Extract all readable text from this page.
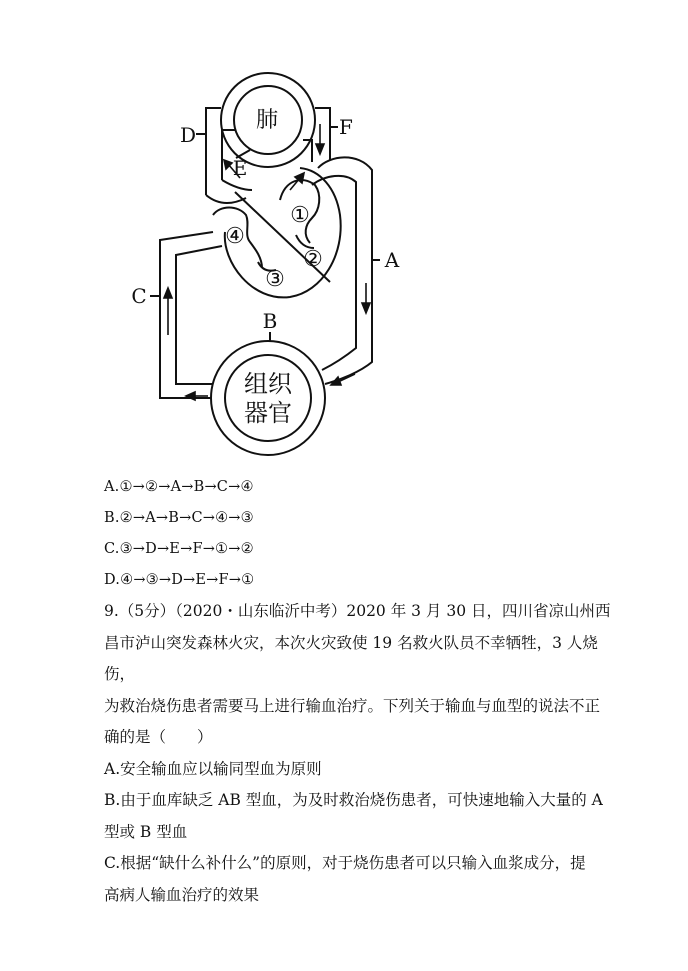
肺
D
E
F
A
B
C
①
②
③
④
组织
器官
A.①→②→A→B→C→④
B.②→A→B→C→④→③
C.③→D→E→F→①→②
D.④→③→D→E→F→①

9.（5分）（2020・山东临沂中考）2020 年 3 月 30 日，四川省凉山州西

昌市泸山突发森林火灾，本次火灾致使 19 名救火队员不幸牺牲，3 人烧伤，

为救治烧伤患者需要马上进行输血治疗。下列关于输血与血型的说法不正

确的是（　　）

A.安全输血应以输同型血为原则

B.由于血库缺乏 AB 型血，为及时救治烧伤患者，可快速地输入大量的 A

型或 B 型血

C.根据“缺什么补什么”的原则，对于烧伤患者可以只输入血浆成分，提

高病人输血治疗的效果
